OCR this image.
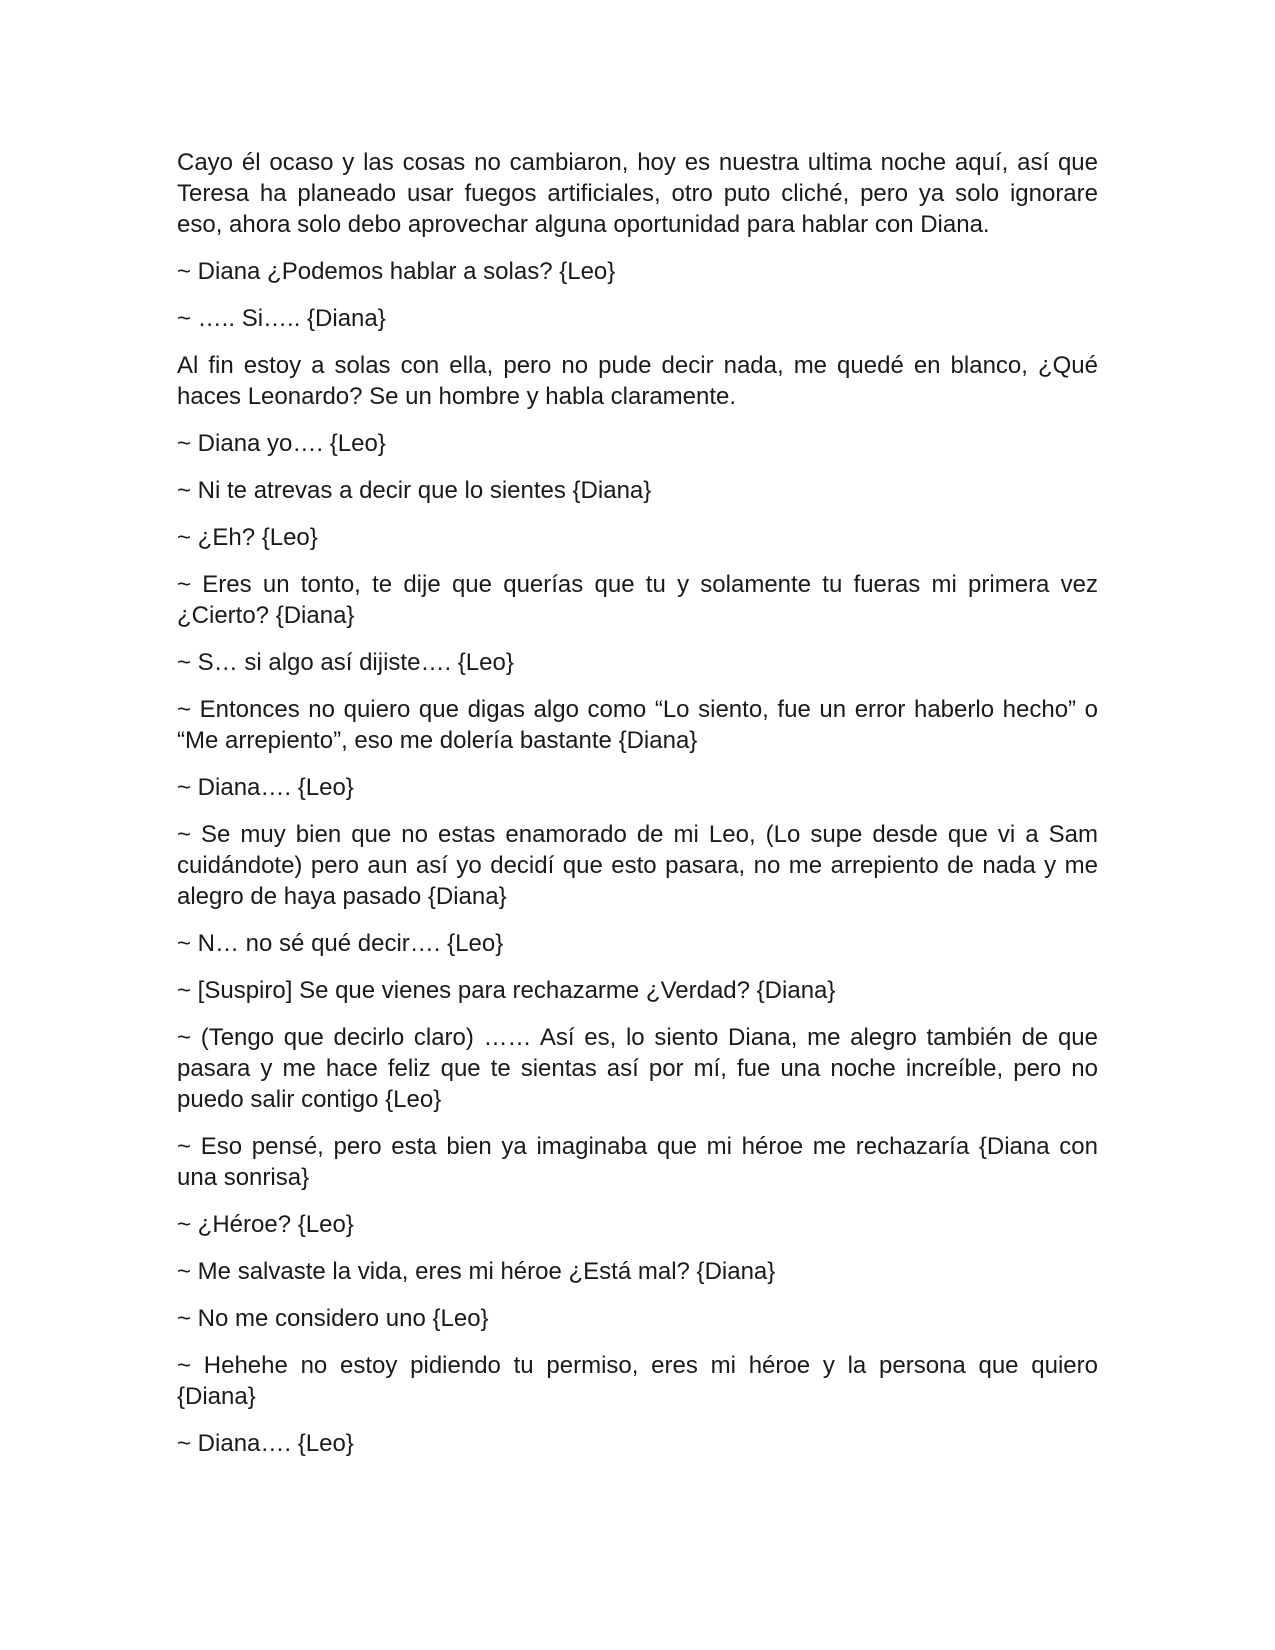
Cayo él ocaso y las cosas no cambiaron, hoy es nuestra ultima noche aquí, así que Teresa ha planeado usar fuegos artificiales, otro puto cliché, pero ya solo ignorare eso, ahora solo debo aprovechar alguna oportunidad para hablar con Diana.

~ Diana ¿Podemos hablar a solas? {Leo}

~ ….. Si….. {Diana}

Al fin estoy a solas con ella, pero no pude decir nada, me quedé en blanco, ¿Qué haces Leonardo? Se un hombre y habla claramente.

~ Diana yo…. {Leo}

~ Ni te atrevas a decir que lo sientes {Diana}

~ ¿Eh? {Leo}

~ Eres un tonto, te dije que querías que tu y solamente tu fueras mi primera vez ¿Cierto? {Diana}

~ S… si algo así dijiste…. {Leo}

~ Entonces no quiero que digas algo como “Lo siento, fue un error haberlo hecho” o “Me arrepiento”, eso me dolería bastante {Diana}

~ Diana…. {Leo}

~ Se muy bien que no estas enamorado de mi Leo, (Lo supe desde que vi a Sam cuidándote) pero aun así yo decidí que esto pasara, no me arrepiento de nada y me alegro de haya pasado {Diana}

~ N… no sé qué decir…. {Leo}

~ [Suspiro] Se que vienes para rechazarme ¿Verdad? {Diana}

~ (Tengo que decirlo claro) …… Así es, lo siento Diana, me alegro también de que pasara y me hace feliz que te sientas así por mí, fue una noche increíble, pero no puedo salir contigo {Leo}

~ Eso pensé, pero esta bien ya imaginaba que mi héroe me rechazaría {Diana con una sonrisa}

~ ¿Héroe? {Leo}

~ Me salvaste la vida, eres mi héroe ¿Está mal? {Diana}

~ No me considero uno {Leo}

~ Hehehe no estoy pidiendo tu permiso, eres mi héroe y la persona que quiero {Diana}

~ Diana…. {Leo}
